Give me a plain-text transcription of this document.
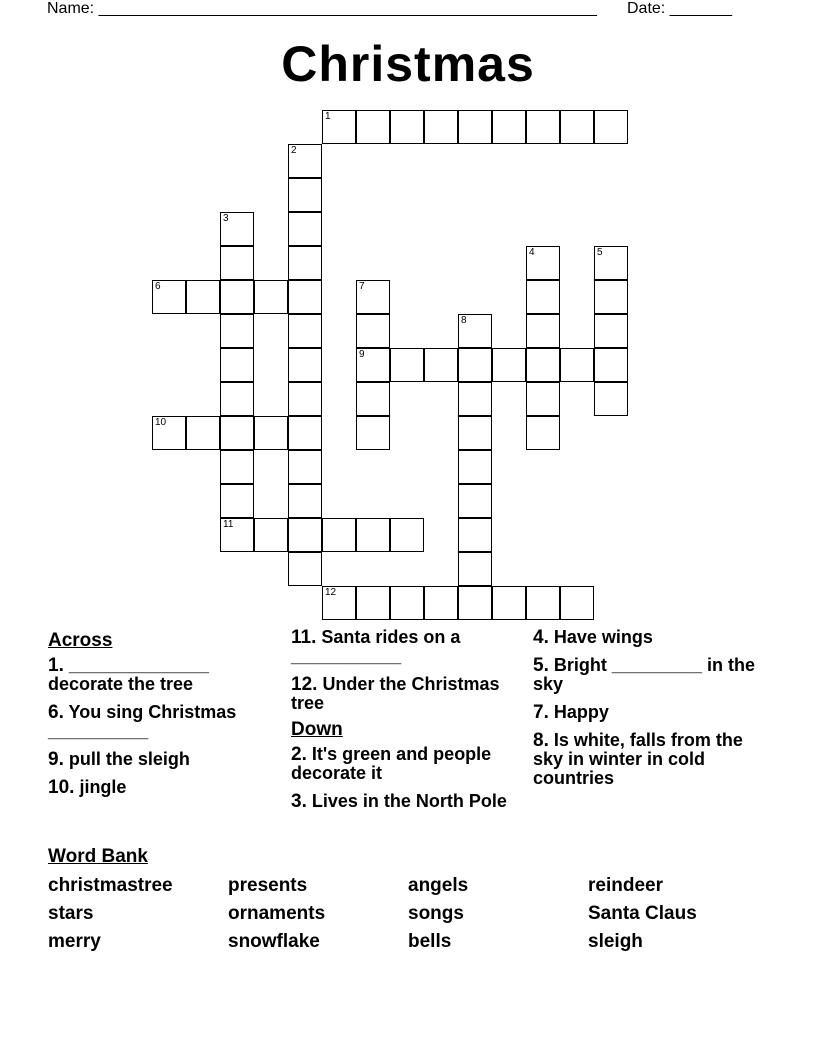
Name: ________________________________________________________ Date: _______
Christmas
1
2
3
4	5
6	7
8
9
10
11
12
Across
1. ______________ decorate the tree
6. You sing Christmas __________
9. pull the sleigh
10. jingle
11. Santa rides on a ___________
12. Under the Christmas tree
Down
2. It's green and people decorate it
3. Lives in the North Pole
4. Have wings
5. Bright _________ in the sky
7. Happy
8. Is white, falls from the sky in winter in cold countries
Word Bank
christmastree
stars
merry
presents
ornaments
snowflake
angels
songs
bells
reindeer
Santa Claus
sleigh
